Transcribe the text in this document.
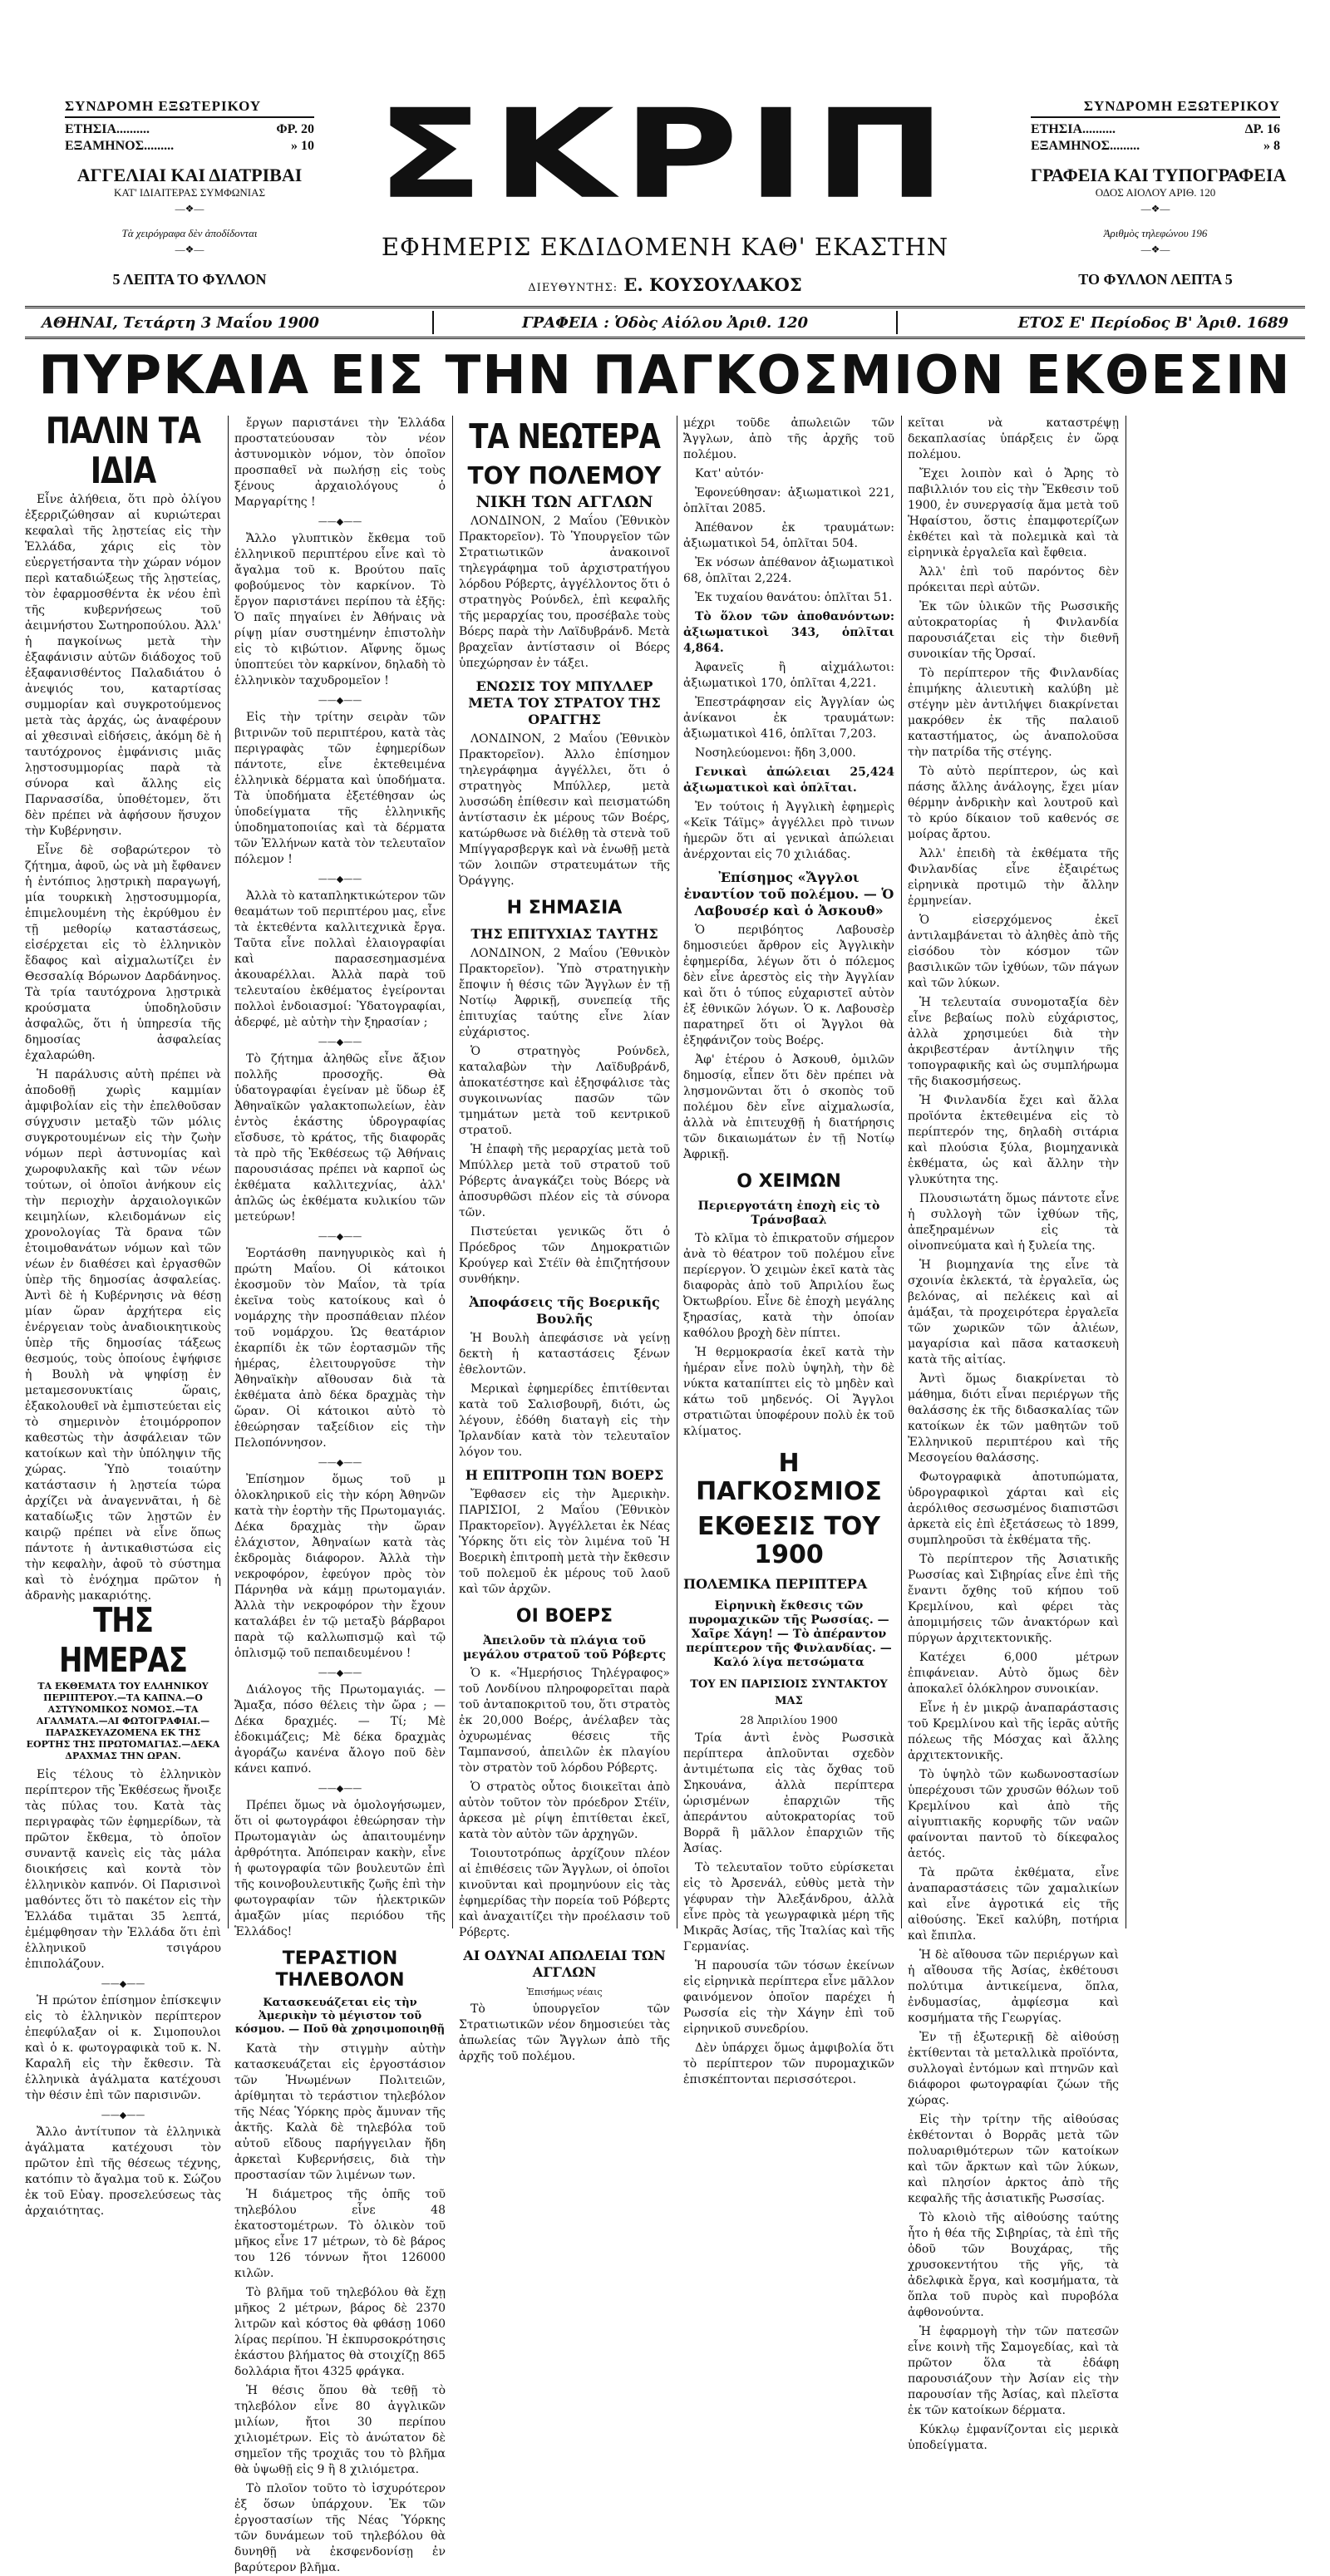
ΣΥΝΔΡΟΜΗ ΕΞΩΤΕΡΙΚΟΥ
ΕΤΗΣΙΑ..........	ΦΡ. 20
ΕΞΑΜΗΝΟΣ.........	» 10
ΑΓΓΕΛΙΑΙ ΚΑΙ ΔΙΑΤΡΙΒΑΙ
ΚΑΤ' ΙΔΙΑΙΤΕΡΑΣ ΣΥΜΦΩΝΙΑΣ
—❖—
Τὰ χειρόγραφα δὲν ἀποδίδονται
—❖—
5 ΛΕΠΤΑ ΤΟ ΦΥΛΛΟΝ
ΣΚΡΙΠ
ΕΦΗΜΕΡΙΣ ΕΚΔΙΔΟΜΕΝΗ ΚΑΘ' ΕΚΑΣΤΗΝ
ΔΙΕΥΘΥΝΤΗΣ: Ε. ΚΟΥΣΟΥΛΑΚΟΣ
ΣΥΝΔΡΟΜΗ ΕΞΩΤΕΡΙΚΟΥ
ΕΤΗΣΙΑ..........	ΔΡ. 16
ΕΞΑΜΗΝΟΣ.........	» 8
ΓΡΑΦΕΙΑ ΚΑΙ ΤΥΠΟΓΡΑΦΕΙΑ
ΟΔΟΣ ΑΙΟΛΟΥ ΑΡΙΘ. 120
—❖—
Ἀριθμὸς τηλεφώνου 196
—❖—
ΤΟ ΦΥΛΛΟΝ ΛΕΠΤΑ 5
ΑΘΗΝΑΙ, Τετάρτη 3 Μαΐου 1900	ΓΡΑΦΕΙΑ : Ὁδὸς Αἰόλου Ἀριθ. 120	ΕΤΟΣ Ε' Περίοδος Β' Ἀριθ. 1689
ΠΥΡΚΑΙΑ ΕΙΣ ΤΗΝ ΠΑΓΚΟΣΜΙΟΝ ΕΚΘΕΣΙΝ
ΠΑΛΙΝ ΤΑ ΙΔΙΑ

Εἶνε ἀλήθεια, ὅτι πρὸ ὀλίγου ἐξερριζώθησαν αἱ κυριώτεραι κεφαλαὶ τῆς λῃστείας εἰς τὴν Ἑλλάδα, χάρις εἰς τὸν εὐεργετήσαντα τὴν χώραν νόμον περὶ καταδιώξεως τῆς λῃστείας, τὸν ἐφαρμοσθέντα ἐκ νέου ἐπὶ τῆς κυβερνήσεως τοῦ ἀειμνήστου Σωτηροπούλου. Ἀλλ' ἡ παγκοίνως μετὰ τὴν ἐξαφάνισιν αὐτῶν διάδοχος τοῦ ἐξαφανισθέντος Παλαδιάτου ὁ ἀνεψιός του, καταρτίσας συμμορίαν καὶ συγκροτούμενος μετὰ τὰς ἀρχάς, ὡς ἀναφέρουν αἱ χθεσιναὶ εἰδήσεις, ἀκόμη δὲ ἡ ταυτόχρονος ἐμφάνισις μιᾶς λῃστοσυμμορίας παρὰ τὰ σύνορα καὶ ἄλλης εἰς Παρνασσίδα, ὑποθέτομεν, ὅτι δὲν πρέπει νὰ ἀφήσουν ἥσυχον τὴν Κυβέρνησιν.

Εἶνε δὲ σοβαρώτερον τὸ ζήτημα, ἀφοῦ, ὡς νὰ μὴ ἔφθανεν ἡ ἐντόπιος λῃστρικὴ παραγωγή, μία τουρκικὴ λῃστοσυμμορία, ἐπιμελουμένη τὴς ἐκρύθμου ἐν τῇ μεθορίῳ καταστάσεως, εἰσέρχεται εἰς τὸ ἑλληνικὸν ἔδαφος καὶ αἰχμαλωτίζει ἐν Θεσσαλίᾳ Βόρωνον Δαρδάνηνος. Τὰ τρία ταυτόχρονα λῃστρικὰ κρούσματα ὑποδηλοῦσιν ἀσφαλῶς, ὅτι ἡ ὑπηρεσία τῆς δημοσίας ἀσφαλείας ἐχαλαρώθη.

Ἡ παράλυσις αὐτὴ πρέπει νὰ ἀποδοθῇ χωρὶς καμμίαν ἀμφιβολίαν εἰς τὴν ἐπελθοῦσαν σύγχυσιν μεταξὺ τῶν μόλις συγκροτουμένων εἰς τὴν ζωὴν νόμων περὶ ἀστυνομίας καὶ χωροφυλακῆς καὶ τῶν νέων τούτων, οἱ ὁποῖοι ἀνήκουν εἰς τὴν περιοχὴν ἀρχαιολογικῶν κειμηλίων, κλειδομάνων εἰς χρονολογίας Τὰ δρανα τῶν ἐτοιμοθανάτων νόμων καὶ τῶν νέων ἐν διαθέσει καὶ ἐργασθῶν ὑπὲρ τῆς δημοσίας ἀσφαλείας. Ἀντὶ δὲ ἡ Κυβέρνησις νὰ θέσῃ μίαν ὥραν ἀρχήτερα εἰς ἐνέργειαν τοὺς ἀναδιοικητικοὺς ὑπὲρ τῆς δημοσίας τάξεως θεσμούς, τοὺς ὁποίους ἐψήφισε ἡ Βουλὴ νὰ ψηφίσῃ ἐν μεταμεσονυκτίαις ὥραις, ἐξακολουθεῖ νὰ ἐμπιστεύεται εἰς τὸ σημερινὸν ἑτοιμόρροπον καθεστὼς τὴν ἀσφάλειαν τῶν κατοίκων καὶ τὴν ὑπόληψιν τῆς χώρας. Ὑπὸ τοιαύτην κατάστασιν ἡ λῃστεία τώρα ἀρχίζει νὰ ἀναγεννᾶται, ἡ δὲ καταδίωξις τῶν λῃστῶν ἐν καιρῷ πρέπει νὰ εἶνε ὅπως πάντοτε ἡ ἀντικαθιστώσα εἰς τὴν κεφαλὴν, ἀφοῦ τὸ σύστημα καὶ τὸ ἐνόχημα πρῶτον ἡ ἀδρανὴς μακαριότης.

ΤΗΣ ΗΜΕΡΑΣ
ΤΑ ΕΚΘΕΜΑΤΑ ΤΟΥ ΕΛΛΗΝΙΚΟΥ ΠΕΡΙΠΤΕΡΟΥ.—ΤΑ ΚΑΠΝΑ.—Ο ΑΣΤΥΝΟΜΙΚΟΣ ΝΟΜΟΣ.—ΤΑ ΑΓΑΛΜΑΤΑ.—ΑΙ ΦΩΤΟΓΡΑΦΙΑΙ.—ΠΑΡΑΣΚΕΥΑΖΟΜΕΝΑ ΕΚ ΤΗΣ ΕΟΡΤΗΣ ΤΗΣ ΠΡΩΤΟΜΑΓΙΑΣ.—ΔΕΚΑ ΔΡΑΧΜΑΣ ΤΗΝ ΩΡΑΝ.

Εἰς τέλους τὸ ἑλληνικὸν περίπτερον τῆς Ἐκθέσεως ἤνοιξε τὰς πύλας του. Κατὰ τὰς περιγραφὰς τῶν ἐφημερίδων, τὰ πρῶτον ἔκθεμα, τὸ ὁποῖον συναντᾷ κανεὶς εἰς τὰς μάλα διοικήσεις καὶ κοντὰ τὸν ἑλληνικὸν καπνόν. Οἱ Παρισινοὶ μαθόντες ὅτι τὸ πακέτον εἰς τὴν Ἑλλάδα τιμᾶται 35 λεπτά, ἐμέμφθησαν τὴν Ἑλλάδα ὅτι ἐπὶ ἑλληνικοῦ τσιγάρου ἐπιπολάζουν.

——◆——

Ἡ πρώτον ἐπίσημον ἐπίσκεψιν εἰς τὸ ἑλληνικὸν περίπτερον ἐπεφύλαξαν οἱ κ. Σιμοπουλοι καὶ ὁ κ. φωτογραφικὰ τοῦ κ. Ν. Καραλῆ εἰς τὴν ἔκθεσιν. Τὰ ἑλληνικὰ ἀγάλματα κατέχουσι τὴν θέσιν ἐπὶ τῶν παρισινῶν.

——◆——

Ἄλλο ἀντίτυπον τὰ ἑλληνικὰ ἀγάλματα κατέχουσι τὸν πρῶτον ἐπὶ τῆς θέσεως τέχνης, κατόπιν τὸ ἄγαλμα τοῦ κ. Σώζου ἐκ τοῦ Εὐαγ. προσελεύσεως τὰς ἀρχαιότητας.

ἔργων παριστάνει τὴν Ἑλλάδα προστατεύουσαν τὸν νέον ἀστυνομικὸν νόμον, τὸν ὁποῖον προσπαθεῖ νὰ πωλήσῃ εἰς τοὺς ξένους ἀρχαιολόγους ὁ Μαργαρίτης !

——◆——

Ἄλλο γλυπτικὸν ἔκθεμα τοῦ ἑλληνικοῦ περιπτέρου εἶνε καὶ τὸ ἄγαλμα τοῦ κ. Βρούτου παῖς φοβούμενος τὸν καρκίνον. Τὸ ἔργον παριστάνει περίπου τὰ ἑξῆς: Ὁ παῖς πηγαίνει ἐν Ἀθήναις νὰ ρίψῃ μίαν συστημένην ἐπιστολὴν εἰς τὸ κιβώτιον. Αἴφνης ὅμως ὑποπτεύει τὸν καρκίνον, δηλαδὴ τὸ ἑλληνικὸν ταχυδρομεῖον !

——◆——

Εἰς τὴν τρίτην σειρὰν τῶν βιτρινῶν τοῦ περιπτέρου, κατὰ τὰς περιγραφὰς τῶν ἐφημερίδων πάντοτε, εἶνε ἐκτεθειμένα ἑλληνικὰ δέρματα καὶ ὑποδήματα. Τὰ ὑποδήματα ἐξετέθησαν ὡς ὑποδείγματα τῆς ἑλληνικῆς ὑποδηματοποιίας καὶ τὰ δέρματα τῶν Ἑλλήνων κατὰ τὸν τελευταῖον πόλεμον !

——◆——

Ἀλλὰ τὸ καταπληκτικώτερον τῶν θεαμάτων τοῦ περιπτέρου μας, εἶνε τὰ ἐκτεθέντα καλλιτεχνικὰ ἔργα. Ταῦτα εἶνε πολλαὶ ἐλαιογραφίαι καὶ παρασεσημασμένα ἀκουαρέλλαι. Ἀλλὰ παρὰ τοῦ τελευταίου ἐκθέματος ἐγείρονται πολλοὶ ἐνδοιασμοί: Ὑδατογραφίαι, ἀδερφέ, μὲ αὐτὴν τὴν ξηρασίαν ;

——◆——

Τὸ ζήτημα ἀληθῶς εἶνε ἄξιον πολλῆς προσοχῆς. Θὰ ὑδατογραφίαι ἐγείναν μὲ ὕδωρ ἐξ Ἀθηναϊκῶν γαλακτοπωλείων, ἐὰν ἐντὸς ἑκάστης ὑδρογραφίας εἴσδυσε, τὸ κράτος, τῆς διαφορᾶς τὰ πρὸ τῆς Ἐκθέσεως τῷ Ἀθήναις παρουσιάσας πρέπει νὰ καρποῖ ὡς ἐκθέματα καλλιτεχνίας, ἀλλ' ἁπλῶς ὡς ἐκθέματα κυλικίου τῶν μετεύρων!

——◆——

Ἑορτάσθη πανηγυρικὸς καὶ ἡ πρώτη Μαΐου. Οἱ κάτοικοι ἐκοσμοῦν τὸν Μαΐον, τὰ τρία ἐκεῖνα τοὺς κατοίκους καὶ ὁ νομάρχης τὴν προσπάθειαν πλέον τοῦ νομάρχου. Ὡς θεατάριον ἐκαρπίδι ἐκ τῶν ἐορτασμῶν τῆς ἡμέρας, ἐλειτουργοῦσε τὴν Ἀθηναϊκὴν αἴθουσαν διὰ τὰ ἐκθέματα ἀπὸ δέκα δραχμὰς τὴν ὥραν. Οἱ κάτοικοι αὐτὸ τὸ ἐθεώρησαν ταξείδιον εἰς τὴν Πελοπόννησον.

——◆——

Ἐπίσημον ὅμως τοῦ μ ὁλοκληρικοῦ εἰς τὴν κόρη Ἀθηνῶν κατὰ τὴν ἑορτὴν τῆς Πρωτομαγιάς. Δέκα δραχμὰς τὴν ὥραν ἐλάχιστον, Ἀθηναίων κατὰ τὰς ἐκδρομὰς διάφορον. Ἀλλὰ τὴν νεκροφόρον, ἐφεύγον πρὸς τὸν Πάρνηθα νὰ κάμῃ πρωτομαγιάν. Ἀλλὰ τὴν νεκροφόρον τὴν ἔχουν καταλάβει ἐν τῷ μεταξὺ βάρβαροι παρὰ τῷ καλλωπισμῷ καὶ τῷ ὁπλισμῷ τοῦ πεπαιδευμένου !

——◆——

Διάλογος τῆς Πρωτομαγιάς. — Ἄμαξα, πόσο θέλεις τὴν ὥρα ; — Δέκα δραχμές. — Τί; Μὲ ἐδοκιμάζεις; Μὲ δέκα δραχμὰς ἀγοράζω κανένα ἄλογο ποῦ δὲν κάνει καπνό.

——◆——

Πρέπει ὅμως νὰ ὁμολογήσωμεν, ὅτι οἱ φωτογράφοι ἐθεώρησαν τὴν Πρωτομαγιὰν ὡς ἀπαιτουμένην ἀρθρότητα. Ἀπόπειραν κακὴν, εἶνε ἡ φωτογραφία τῶν βουλευτῶν ἐπὶ τῆς κοινοβουλευτικῆς ζωῆς ἐπὶ τὴν φωτογραφίαν τῶν ἡλεκτρικῶν ἀμαξῶν μίας περιόδου τῆς Ἑλλάδος!

ΤΕΡΑΣΤΙΟΝ ΤΗΛΕΒΟΛΟΝ
Κατασκευάζεται εἰς τὴν Ἀμερικὴν τὸ μέγιστον τοῦ κόσμου. — Ποῦ θὰ χρησιμοποιηθῇ

Κατὰ τὴν στιγμὴν αὐτὴν κατασκευάζεται εἰς ἐργοστάσιον τῶν Ἡνωμένων Πολιτειῶν, ἀρίθμηται τὸ τεράστιον τηλεβόλον τῆς Νέας Ὑόρκης πρὸς ἄμυναν τῆς ἀκτῆς. Καλὰ δὲ τηλεβόλα τοῦ αὐτοῦ εἴδους παρήγγειλαν ἤδη ἀρκεταὶ Κυβερνήσεις, διὰ τὴν προστασίαν τῶν λιμένων των.

Ἡ διάμετρος τῆς ὀπῆς τοῦ τηλεβόλου εἶνε 48 ἑκατοστομέτρων. Τὸ ὁλικὸν τοῦ μῆκος εἶνε 17 μέτρων, τὸ δὲ βάρος του 126 τόννων ἤτοι 126000 κιλῶν.

Τὸ βλῆμα τοῦ τηλεβόλου θὰ ἔχῃ μῆκος 2 μέτρων, βάρος δὲ 2370 λιτρῶν καὶ κόστος θὰ φθάσῃ 1060 λίρας περίπου. Ἡ ἐκπυρσοκρότησις ἐκάστου βλήματος θὰ στοιχίζῃ 865 δολλάρια ἤτοι 4325 φράγκα.

Ἡ θέσις ὅπου θὰ τεθῇ τὸ τηλεβόλον εἶνε 80 ἀγγλικῶν μιλίων, ἤτοι 30 περίπου χιλιομέτρων. Εἰς τὸ ἀνώτατον δὲ σημεῖον τῆς τροχιᾶς του τὸ βλῆμα θὰ ὑψωθῇ εἰς 9 ἢ 8 χιλιόμετρα.

Τὸ πλοῖον τοῦτο τὸ ἰσχυρότερον ἐξ ὅσων ὑπάρχουν. Ἐκ τῶν ἐργοστασίων τῆς Νέας Ὑόρκης τῶν δυνάμεων τοῦ τηλεβόλου θὰ δυνηθῇ νὰ ἐκσφενδονίσῃ ἐν βαρύτερον βλῆμα.

ΤΑ ΝΕΩΤΕΡΑ
ΤΟΥ ΠΟΛΕΜΟΥ
ΝΙΚΗ ΤΩΝ ΑΓΓΛΩΝ

ΛΟΝΔΙΝΟΝ, 2 Μαΐου (Ἐθνικὸν Πρακτορεῖον). Τὸ Ὑπουργεῖον τῶν Στρατιωτικῶν ἀνακοινοῖ τηλεγράφημα τοῦ ἀρχιστρατήγου λόρδου Ρόβερτς, ἀγγέλλοντος ὅτι ὁ στρατηγὸς Ρούνδελ, ἐπὶ κεφαλῆς τῆς μεραρχίας του, προσέβαλε τοὺς Βόερς παρὰ τὴν Λαϊδυβράνδ. Μετὰ βραχεῖαν ἀντίστασιν οἱ Βόερς ὑπεχώρησαν ἐν τάξει.

ΕΝΩΣΙΣ ΤΟΥ ΜΠΥΛΛΕΡ ΜΕΤΑ ΤΟΥ ΣΤΡΑΤΟΥ ΤΗΣ ΟΡΑΓΓΗΣ

ΛΟΝΔΙΝΟΝ, 2 Μαΐου (Ἐθνικὸν Πρακτορεῖον). Ἀλλο ἐπίσημον τηλεγράφημα ἀγγέλλει, ὅτι ὁ στρατηγὸς Μπύλλερ, μετὰ λυσσώδη ἐπίθεσιν καὶ πεισματώδη ἀντίστασιν ἐκ μέρους τῶν Βοέρς, κατώρθωσε νὰ διέλθῃ τὰ στενὰ τοῦ Μπίγγαρσβεργκ καὶ νὰ ἑνωθῇ μετὰ τῶν λοιπῶν στρατευμάτων τῆς Ὀράγγης.

Η ΣΗΜΑΣΙΑ
ΤΗΣ ΕΠΙΤΥΧΙΑΣ ΤΑΥΤΗΣ

ΛΟΝΔΙΝΟΝ, 2 Μαΐου (Ἐθνικὸν Πρακτορεῖον). Ὑπὸ στρατηγικὴν ἔποψιν ἡ θέσις τῶν Ἄγγλων ἐν τῇ Νοτίῳ Ἀφρικῇ, συνεπείᾳ τῆς ἐπιτυχίας ταύτης εἶνε λίαν εὐχάριστος.

Ὁ στρατηγὸς Ρούνδελ, καταλαβὼν τὴν Λαϊδυβράνδ, ἀποκατέστησε καὶ ἐξησφάλισε τὰς συγκοινωνίας πασῶν τῶν τμημάτων μετὰ τοῦ κεντρικοῦ στρατοῦ.

Ἡ ἐπαφὴ τῆς μεραρχίας μετὰ τοῦ Μπύλλερ μετὰ τοῦ στρατοῦ τοῦ Ρόβερτς ἀναγκάζει τοὺς Βόερς νὰ ἀποσυρθῶσι πλέον εἰς τὰ σύνορα τῶν.

Πιστεύεται γενικῶς ὅτι ὁ Πρόεδρος τῶν Δημοκρατιῶν Κρούγερ καὶ Στέϊν θὰ ἐπιζητήσουν συνθήκην.

Ἀποφάσεις τῆς Βοερικῆς Βουλῆς

Ἡ Βουλὴ ἀπεφάσισε νὰ γείνῃ δεκτὴ ἡ καταστάσεις ξένων ἐθελοντῶν.

Μερικαὶ ἐφημερίδες ἐπιτίθενται κατὰ τοῦ Σαλισβουρῆ, διότι, ὡς λέγουν, ἐδόθη διαταγὴ εἰς τὴν Ἰρλανδίαν κατὰ τὸν τελευταῖον λόγον του.

Η ΕΠΙΤΡΟΠΗ ΤΩΝ ΒΟΕΡΣ

Ἔφθασεν εἰς τὴν Ἀμερικὴν. ΠΑΡΙΣΙΟΙ, 2 Μαΐου (Ἐθνικὸν Πρακτορεῖον). Ἀγγέλλεται ἐκ Νέας Ὑόρκης ὅτι εἰς τὸν λιμένα τοῦ Ἡ Βοερικὴ ἐπιτροπὴ μετὰ τὴν ἔκθεσιν τοῦ πολεμοῦ ἐκ μέρους τοῦ λαοῦ καὶ τῶν ἀρχῶν.

ΟΙ ΒΟΕΡΣ
Ἀπειλοῦν τὰ πλάγια τοῦ μεγάλου στρατοῦ τοῦ Ρόβερτς

Ὁ κ. «Ἡμερήσιος Τηλέγραφος» τοῦ Λονδίνου πληροφορεῖται παρὰ τοῦ ἀνταποκριτοῦ του, ὅτι στρατὸς ἐκ 20,000 Βοέρς, ἀνέλαβεν τὰς ὀχυρωμένας θέσεις τῆς Ταμπανσού, ἀπειλῶν ἐκ πλαγίου τὸν στρατὸν τοῦ λόρδου Ρόβερτς.

Ὁ στρατὸς οὗτος διοικεῖται ἀπὸ αὐτὸν τοῦτον τὸν πρόεδρον Στέϊν, ἀρκεσα μὲ ρίψη ἐπιτίθεται ἐκεῖ, κατὰ τὸν αὐτὸν τῶν ἀρχηγῶν.

Τοιουτοτρόπως ἀρχίζουν πλέον αἱ ἐπιθέσεις τῶν Ἄγγλων, οἱ ὁποῖοι κινοῦνται καὶ προμηνύουν εἰς τὰς ἐφημερίδας τὴν πορεία τοῦ Ρόβερτς καὶ ἀναχαιτίζει τὴν προέλασιν τοῦ Ρόβερτς.

ΑΙ ΟΔΥΝΑΙ ΑΠΩΛΕΙΑΙ ΤΩΝ ΑΓΓΛΩΝ
Ἐπισήμως νέαις

Τὸ ὑπουργεῖον τῶν Στρατιωτικῶν νέον δημοσιεύει τὰς ἀπωλείας τῶν Ἄγγλων ἀπὸ τῆς ἀρχῆς τοῦ πολέμου.

μέχρι τοῦδε ἀπωλειῶν τῶν Ἄγγλων, ἀπὸ τῆς ἀρχῆς τοῦ πολέμου.

Κατ' αὐτόν·

Ἐφονεύθησαν: ἀξιωματικοὶ 221, ὁπλῖται 2085.

Ἀπέθανον ἐκ τραυμάτων: ἀξιωματικοὶ 54, ὁπλῖται 504.

Ἐκ νόσων ἀπέθανον ἀξιωματικοὶ 68, ὁπλῖται 2,224.

Ἐκ τυχαίου θανάτου: ὁπλῖται 51.

Τὸ ὅλον τῶν ἀποθανόντων: ἀξιωματικοὶ 343, ὁπλῖται 4,864.

Ἀφανεῖς ἢ αἰχμάλωτοι: ἀξιωματικοὶ 170, ὁπλῖται 4,221.

Ἐπεστράφησαν εἰς Ἀγγλίαν ὡς ἀνίκανοι ἐκ τραυμάτων: ἀξιωματικοὶ 416, ὁπλῖται 7,203.

Νοσηλεύομενοι: ἤδη 3,000.

Γενικαὶ ἀπώλειαι 25,424 ἀξιωματικοὶ καὶ ὁπλῖται.

Ἐν τούτοις ἡ Ἀγγλικὴ ἐφημερὶς «Κεϊκ Τάϊμς» ἀγγέλλει πρὸ τινων ἡμερῶν ὅτι αἱ γενικαὶ ἀπώλειαι ἀνέρχονται εἰς 70 χιλιάδας.

Ἐπίσημος «Ἄγγλοι ἐναντίον τοῦ πολέμου. — Ὁ Λαβουσέρ καὶ ὁ Ἀσκουθ»

Ὁ περιβόητος Λαβουσὲρ δημοσιεύει ἄρθρον εἰς Ἀγγλικὴν ἐφημερίδα, λέγων ὅτι ὁ πόλεμος δὲν εἶνε ἀρεστὸς εἰς τὴν Ἀγγλίαν καὶ ὅτι ὁ τύπος εὐχαριστεῖ αὐτὸν ἐξ ἐθνικῶν λόγων. Ὁ κ. Λαβουσὲρ παρατηρεῖ ὅτι οἱ Ἄγγλοι θὰ ἐξηφάνιζον τοὺς Βοέρς.

Ἀφ' ἑτέρου ὁ Ἀσκουθ, ὁμιλῶν δημοσίᾳ, εἶπεν ὅτι δὲν πρέπει νὰ λησμονῶνται ὅτι ὁ σκοπὸς τοῦ πολέμου δὲν εἶνε αἰχμαλωσία, ἀλλὰ νὰ ἐπιτευχθῇ ἡ διατήρησις τῶν δικαιωμάτων ἐν τῇ Νοτίῳ Ἀφρικῇ.

Ο ΧΕΙΜΩΝ
Περιεργοτάτη ἐποχὴ εἰς τὸ Τράνσβααλ

Τὸ κλῖμα τὸ ἐπικρατοῦν σήμερον ἀνὰ τὸ θέατρον τοῦ πολέμου εἶνε περίεργον. Ὁ χειμὼν ἐκεῖ κατὰ τὰς διαφορὰς ἀπὸ τοῦ Ἀπριλίου ἕως Ὀκτωβρίου. Εἶνε δὲ ἐποχὴ μεγάλης ξηρασίας, κατὰ τὴν ὁποίαν καθόλου βροχὴ δὲν πίπτει.

Ἡ θερμοκρασία ἐκεῖ κατὰ τὴν ἡμέραν εἶνε πολὺ ὑψηλὴ, τὴν δὲ νύκτα καταπίπτει εἰς τὸ μηδὲν καὶ κάτω τοῦ μηδενός. Οἱ Ἄγγλοι στρατιῶται ὑποφέρουν πολὺ ἐκ τοῦ κλίματος.

Η ΠΑΓΚΟΣΜΙΟΣ
ΕΚΘΕΣΙΣ ΤΟΥ 1900
ΠΟΛΕΜΙΚΑ ΠΕΡΙΠΤΕΡΑ
Εἰρηνικὴ ἔκθεσις τῶν πυρομαχικῶν τῆς Ρωσσίας. — Χαῖρε Χάγη! — Τὸ ἀπέραντον περίπτερον τῆς Φινλανδίας. — Καλό λίγα πετσώματα
ΤΟΥ ΕΝ ΠΑΡΙΣΙΟΙΣ ΣΥΝΤΑΚΤΟΥ ΜΑΣ
28 Ἀπριλίου 1900

Τρία ἀντὶ ἑνὸς Ρωσσικὰ περίπτερα ἀπλοῦνται σχεδὸν ἀντιμέτωπα εἰς τὰς ὄχθας τοῦ Σηκουάνα, ἀλλὰ περίπτερα ὡρισμένων ἐπαρχιῶν τῆς ἀπεράντου αὐτοκρατορίας τοῦ Βορρᾶ ἢ μᾶλλον ἐπαρχιῶν τῆς Ἀσίας.

Τὸ τελευταῖον τοῦτο εὑρίσκεται εἰς τὸ Ἀρσενάλ, εὐθὺς μετὰ τὴν γέφυραν τὴν Ἀλεξάνδρου, ἀλλὰ εἶνε πρὸς τὰ γεωγραφικὰ μέρη τῆς Μικρᾶς Ἀσίας, τῆς Ἰταλίας καὶ τῆς Γερμανίας.

Ἡ παρουσία τῶν τόσων ἐκείνων εἰς εἰρηνικὰ περίπτερα εἶνε μᾶλλον φαινόμενον ὁποῖον παρέχει ἡ Ρωσσία εἰς τὴν Χάγην ἐπὶ τοῦ εἰρηνικοῦ συνεδρίου.

Δὲν ὑπάρχει ὅμως ἀμφιβολία ὅτι τὸ περίπτερον τῶν πυρομαχικῶν ἐπισκέπτονται περισσότεροι.

κεῖται νὰ καταστρέψῃ δεκαπλασίας ὑπάρξεις ἐν ὥρᾳ πολέμου.

Ἔχει λοιπὸν καὶ ὁ Ἄρης τὸ παβιλλιόν του εἰς τὴν Ἔκθεσιν τοῦ 1900, ἐν συνεργασίᾳ ἅμα μετὰ τοῦ Ἡφαίστου, ὅστις ἐπαμφοτερίζων ἐκθέτει καὶ τὰ πολεμικὰ καὶ τὰ εἰρηνικὰ ἐργαλεῖα καὶ ἔφθεια.

Ἀλλ' ἐπὶ τοῦ παρόντος δὲν πρόκειται περὶ αὐτῶν.

Ἐκ τῶν ὑλικῶν τῆς Ρωσσικῆς αὐτοκρατορίας ἡ Φινλανδία παρουσιάζεται εἰς τὴν διεθνῆ συνοικίαν τῆς Ὀρσαί.

Τὸ περίπτερον τῆς Φινλανδίας ἐπιμήκης ἀλιευτικὴ καλύβη μὲ στέγην μὲν ἀντιλήψει διακρίνεται μακρόθεν ἐκ τῆς παλαιοῦ καταστήματος, ὡς ἀναπολοῦσα τὴν πατρίδα τῆς στέγης.

Τὸ αὐτὸ περίπτερον, ὡς καὶ πάσης ἄλλης ἀνάλογης, ἔχει μίαν θέρμην ἀνδρικὴν καὶ λουτροῦ καὶ τὸ κρύο δίκαιον τοῦ καθενός σε μοίρας ἄρτου.

Ἀλλ' ἐπειδὴ τὰ ἐκθέματα τῆς Φινλανδίας εἶνε ἐξαιρέτως εἰρηνικὰ προτιμῶ τὴν ἄλλην ἑρμηνείαν.

Ὁ εἰσερχόμενος ἐκεῖ ἀντιλαμβάνεται τὸ ἀληθὲς ἀπὸ τῆς εἰσόδου τὸν κόσμον τῶν βασιλικῶν τῶν ἰχθύων, τῶν πάγων καὶ τῶν λύκων.

Ἡ τελευταία συνομοταξία δὲν εἶνε βεβαίως πολὺ εὐχάριστος, ἀλλὰ χρησιμεύει διὰ τὴν ἀκριβεστέραν ἀντίληψιν τῆς τοπογραφικῆς καὶ ὡς συμπλήρωμα τῆς διακοσμήσεως.

Ἡ Φινλανδία ἔχει καὶ ἄλλα προϊόντα ἐκτεθειμένα εἰς τὸ περίπτερόν της, δηλαδὴ σιτάρια καὶ πλούσια ξύλα, βιομηχανικὰ ἐκθέματα, ὡς καὶ ἄλλην τὴν γλυκύτητα της.

Πλουσιωτάτη ὅμως πάντοτε εἶνε ἡ συλλογὴ τῶν ἰχθύων τῆς, ἀπεξηραμένων εἰς τὰ οἰνοπνεύματα καὶ ἡ ξυλεία της.

Ἡ βιομηχανία της εἶνε τὰ σχοινία ἐκλεκτά, τὰ ἐργαλεῖα, ὡς βελόνας, αἱ πελέκεις καὶ αἱ ἁμάξαι, τὰ προχειρότερα ἐργαλεῖα τῶν χωρικῶν τῶν ἀλιέων, μαγαρίσια καὶ πᾶσα κατασκευὴ κατὰ τῆς αἰτίας.

Ἀντὶ ὅμως διακρίνεται τὸ μάθημα, διότι εἶναι περιέργων τῆς θαλάσσης ἐκ τῆς διδασκαλίας τῶν κατοίκων ἐκ τῶν μαθητῶν τοῦ Ἐλληνικοῦ περιπτέρου καὶ τῆς Μεσογείου θαλάσσης.

Φωτογραφικὰ ἀποτυπώματα, ὑδρογραφικοὶ χάρται καὶ εἰς ἀερόλιθος σεσωσμένος διαπιστῶσι ἀρκετὰ εἰς ἐπὶ ἐξετάσεως τὸ 1899, συμπληροῦσι τὰ ἐκθέματα τῆς.

Τὸ περίπτερον τῆς Ἀσιατικῆς Ρωσσίας καὶ Σιβηρίας εἶνε ἐπὶ τῆς ἔναντι ὄχθης τοῦ κήπου τοῦ Κρεμλίνου, καὶ φέρει τὰς ἀπομιμήσεις τῶν ἀνακτόρων καὶ πύργων ἀρχιτεκτονικῆς.

Κατέχει 6,000 μέτρων ἐπιφάνειαν. Αὐτὸ ὅμως δὲν ἀποκαλεῖ ὁλόκληρον συνοικίαν.

Εἶνε ἡ ἐν μικρῷ ἀναπαράστασις τοῦ Κρεμλίνου καὶ τῆς ἱερᾶς αὐτῆς πόλεως τῆς Μόσχας καὶ ἄλλης ἀρχιτεκτονικῆς.

Τὸ ὑψηλὸ τῶν κωδωνοστασίων ὑπερέχουσι τῶν χρυσῶν θόλων τοῦ Κρεμλίνου καὶ ἀπὸ τῆς αἰγυπτιακῆς κορυφῆς τῶν ναῶν φαίνονται παντοῦ τὸ δίκεφαλος ἀετός.

Τὰ πρῶτα ἐκθέματα, εἶνε ἀναπαραστάσεις τῶν χαμαλικίων καὶ εἶνε ἀγροτικά εἰς τῆς αἰθούσης. Ἐκεῖ καλύβη, ποτήρια καὶ ἔπιπλα.

Ἡ δὲ αἴθουσα τῶν περιέργων καὶ ἡ αἴθουσα τῆς Ἀσίας, ἐκθέτουσι πολύτιμα ἀντικείμενα, ὅπλα, ἐνδυμασίας, ἀμφίεσμα καὶ κοσμήματα τῆς Γεωργίας.

Ἐν τῇ ἐξωτερικῇ δὲ αἰθούσῃ ἐκτίθενται τὰ μεταλλικὰ προϊόντα, συλλογαὶ ἐντόμων καὶ πτηνῶν καὶ διάφοροι φωτογραφίαι ζώων τῆς χώρας.

Εἰς τὴν τρίτην τῆς αἰθούσας ἐκθέτονται ὁ Βορρᾶς μετὰ τῶν πολυαριθμότερων τῶν κατοίκων καὶ τῶν ἄρκτων καὶ τῶν λύκων, καὶ πλησίον ἀρκτος ἀπὸ τῆς κεφαλῆς τῆς ἀσιατικῆς Ρωσσίας.

Τὸ κλοιὸ τῆς αἰθούσης ταύτης ἦτο ἡ θέα τῆς Σιβηρίας, τὰ ἐπὶ τῆς ὁδοῦ τῶν Βουχάρας, τῆς χρυσοκεντήτου τῆς γῆς, τὰ ἀδελφικὰ ἔργα, καὶ κοσμήματα, τὰ ὅπλα τοῦ πυρὸς καὶ πυροβόλα ἀφθονούντα.

Ἡ ἐφαρμογὴ τὴν τῶν πατεσῶν εἶνε κοινὴ τῆς Σαμογεδίας, καὶ τὰ πρῶτον ὅλα τὰ ἐδάφη παρουσιάζουν τὴν Ἀσίαν εἰς τὴν παρουσίαν τῆς Ἀσίας, καὶ πλεῖστα ἐκ τῶν κατοίκων δέρματα.

Κύκλῳ ἐμφανίζονται εἰς μερικὰ ὑποδείγματα.
